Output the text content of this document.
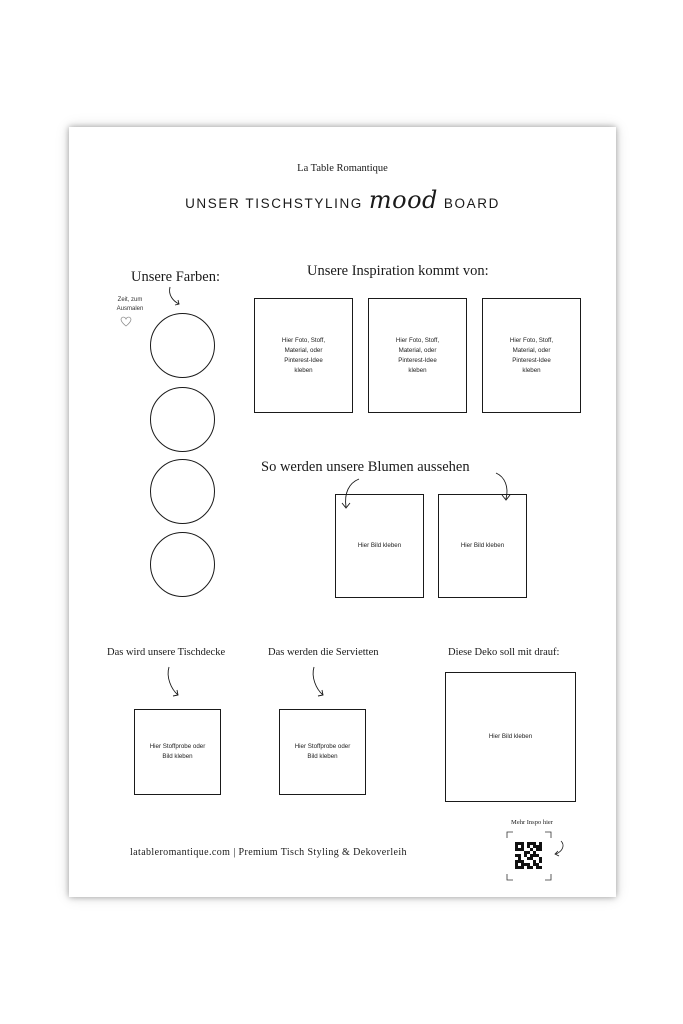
La Table Romantique
UNSER TISCHSTYLING mood BOARD
Unsere Farben:
Zeit, zum
Ausmalen
Unsere Inspiration kommt von:
Hier Foto, Stoff,
Material, oder
Pinterest-Idee
kleben
Hier Foto, Stoff,
Material, oder
Pinterest-Idee
kleben
Hier Foto, Stoff,
Material, oder
Pinterest-Idee
kleben
So werden unsere Blumen aussehen
Hier Bild kleben	Hier Bild kleben
Das wird unsere Tischdecke
Hier Stoffprobe oder
Bild kleben
Das werden die Servietten
Hier Stoffprobe oder
Bild kleben
Diese Deko soll mit drauf:
Hier Bild kleben
latableromantique.com | Premium Tisch Styling & Dekoverleih
Mehr Inspo hier
